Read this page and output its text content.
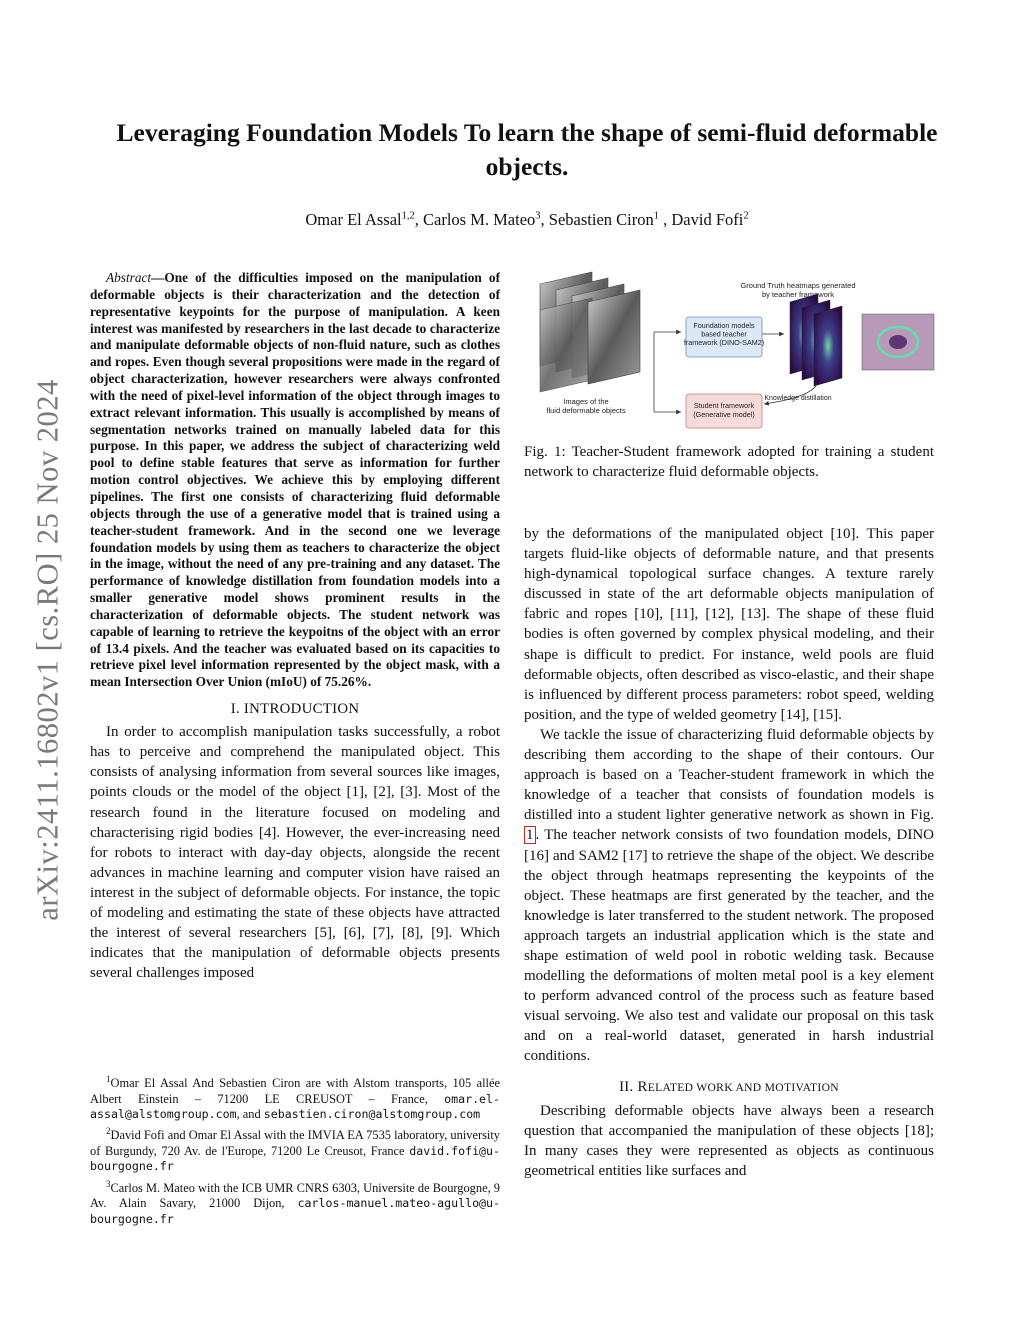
arXiv:2411.16802v1 [cs.RO] 25 Nov 2024
Leveraging Foundation Models To learn the shape of semi-fluid deformable objects.
Omar El Assal$^{1,2}$, Carlos M. Mateo$^3$, Sebastien Ciron$^1$ , David Fofi$^2$

Abstract—One of the difficulties imposed on the manipulation of deformable objects is their characterization and the detection of representative keypoints for the purpose of manipulation. A keen interest was manifested by researchers in the last decade to characterize and manipulate deformable objects of non-fluid nature, such as clothes and ropes. Even though several propositions were made in the regard of object characterization, however researchers were always confronted with the need of pixel-level information of the object through images to extract relevant information. This usually is accomplished by means of segmentation networks trained on manually labeled data for this purpose. In this paper, we address the subject of characterizing weld pool to define stable features that serve as information for further motion control objectives. We achieve this by employing different pipelines. The first one consists of characterizing fluid deformable objects through the use of a generative model that is trained using a teacher-student framework. And in the second one we leverage foundation models by using them as teachers to characterize the object in the image, without the need of any pre-training and any dataset. The performance of knowledge distillation from foundation models into a smaller generative model shows prominent results in the characterization of deformable objects. The student network was capable of learning to retrieve the keypoitns of the object with an error of 13.4 pixels. And the teacher was evaluated based on its capacities to retrieve pixel level information represented by the object mask, with a mean Intersection Over Union (mIoU) of 75.26%.

I. INTRODUCTION

In order to accomplish manipulation tasks successfully, a robot has to perceive and comprehend the manipulated object. This consists of analysing information from several sources like images, points clouds or the model of the object [1], [2], [3]. Most of the research found in the literature focused on modeling and characterising rigid bodies [4]. However, the ever-increasing need for robots to interact with day-day objects, alongside the recent advances in machine learning and computer vision have raised an interest in the subject of deformable objects. For instance, the topic of modeling and estimating the state of these objects have attracted the interest of several researchers [5], [6], [7], [8], [9]. Which indicates that the manipulation of deformable objects presents several challenges imposed

$^1$Omar El Assal And Sebastien Ciron are with Alstom transports, 105 allée Albert Einstein – 71200 LE CREUSOT – France, omar.el-assal@alstomgroup.com, and sebastien.ciron@alstomgroup.com

$^2$David Fofi and Omar El Assal with the IMVIA EA 7535 laboratory, university of Burgundy, 720 Av. de l'Europe, 71200 Le Creusot, France david.fofi@u-bourgogne.fr

$^3$Carlos M. Mateo with the ICB UMR CNRS 6303, Universite de Bourgogne, 9 Av. Alain Savary, 21000 Dijon, carlos-manuel.mateo-agullo@u-bourgogne.fr

Images of the fluid deformable objects
Foundation models based teacher framework (DINO-SAM2)
Student framework (Generative model)
Ground Truth heatmaps generated by teacher framework
Knowledge distillation
Fig. 1: Teacher-Student framework adopted for training a student network to characterize fluid deformable objects.

by the deformations of the manipulated object [10]. This paper targets fluid-like objects of deformable nature, and that presents high-dynamical topological surface changes. A texture rarely discussed in state of the art deformable objects manipulation of fabric and ropes [10], [11], [12], [13]. The shape of these fluid bodies is often governed by complex physical modeling, and their shape is difficult to predict. For instance, weld pools are fluid deformable objects, often described as visco-elastic, and their shape is influenced by different process parameters: robot speed, welding position, and the type of welded geometry [14], [15].

We tackle the issue of characterizing fluid deformable objects by describing them according to the shape of their contours. Our approach is based on a Teacher-student framework in which the knowledge of a teacher that consists of foundation models is distilled into a student lighter generative network as shown in Fig. 1 . The teacher network consists of two foundation models, DINO [16] and SAM2 [17] to retrieve the shape of the object. We describe the object through heatmaps representing the keypoints of the object. These heatmaps are first generated by the teacher, and the knowledge is later transferred to the student network. The proposed approach targets an industrial application which is the state and shape estimation of weld pool in robotic welding task. Because modelling the deformations of molten metal pool is a key element to perform advanced control of the process such as feature based visual servoing. We also test and validate our proposal on this task and on a real-world dataset, generated in harsh industrial conditions.

II. RELATED WORK AND MOTIVATION

Describing deformable objects have always been a research question that accompanied the manipulation of these objects [18]; In many cases they were represented as objects as continuous geometrical entities like surfaces and
